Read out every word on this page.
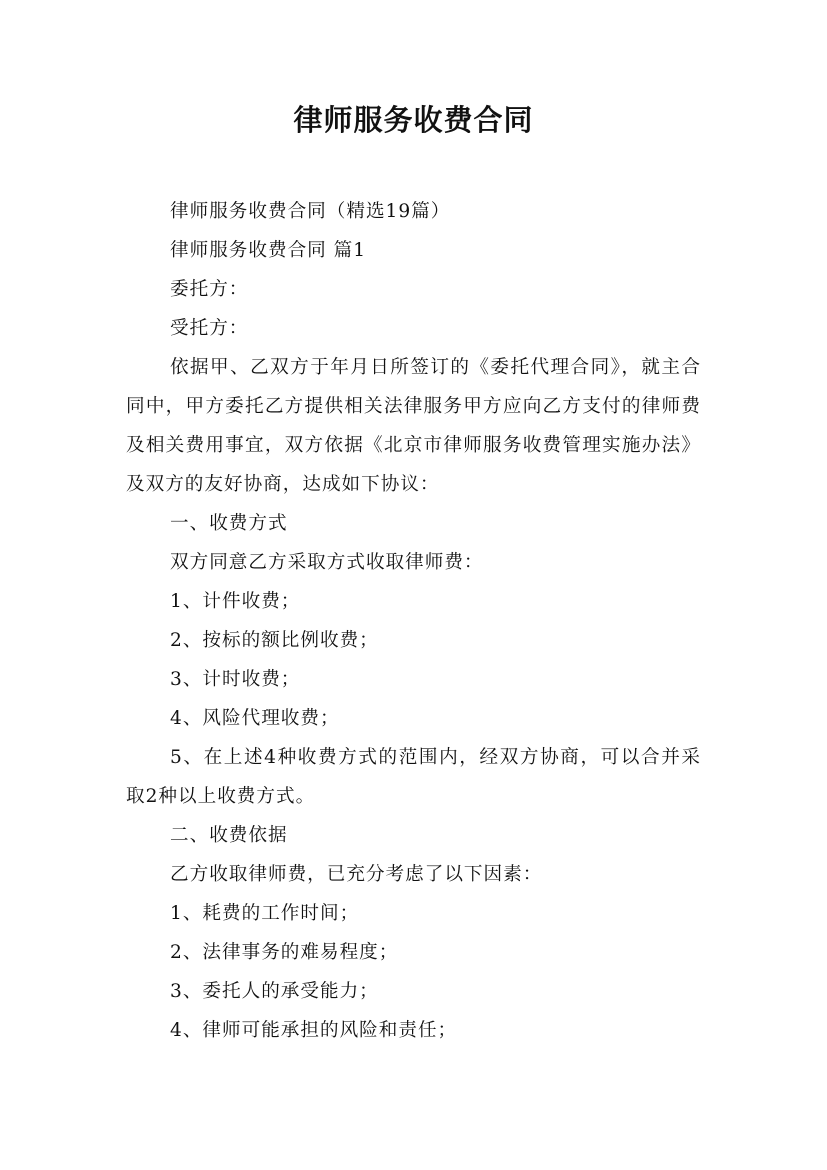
律师服务收费合同

律师服务收费合同（精选19篇）

律师服务收费合同 篇1

委托方：

受托方：

依据甲、乙双方于年月日所签订的《委托代理合同》，就主合同中，甲方委托乙方提供相关法律服务甲方应向乙方支付的律师费及相关费用事宜，双方依据《北京市律师服务收费管理实施办法》及双方的友好协商，达成如下协议：

一、收费方式

双方同意乙方采取方式收取律师费：

1、计件收费；

2、按标的额比例收费；

3、计时收费；

4、风险代理收费；

5、在上述4种收费方式的范围内，经双方协商，可以合并采取2种以上收费方式。

二、收费依据

乙方收取律师费，已充分考虑了以下因素：

1、耗费的工作时间；

2、法律事务的难易程度；

3、委托人的承受能力；

4、律师可能承担的风险和责任；
